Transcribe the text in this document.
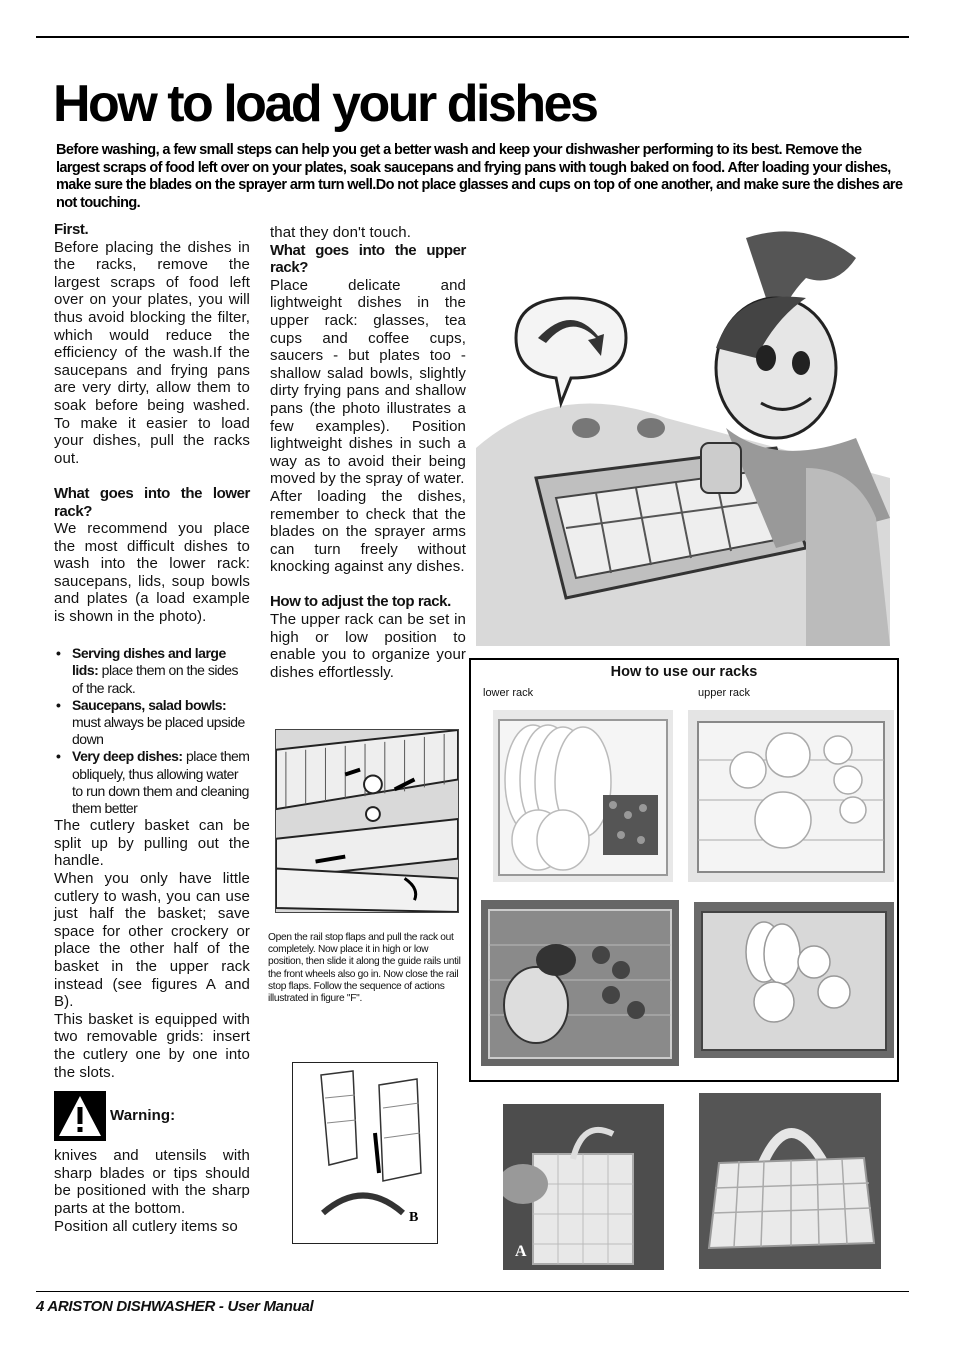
How to load your dishes
Before washing, a few small steps can help you get a better wash and keep your dishwasher performing to its best. Remove the largest scraps of food left over on your plates, soak saucepans and frying pans with tough baked on food. After loading your dishes, make sure the blades on the sprayer arm turn well.Do not place glasses and cups on top of one another, and make sure the dishes are not touching.

First.

Before placing the dishes in the racks, remove the largest scraps of food left over on your plates, you will thus avoid blocking the filter, which would reduce the efficiency of the wash.If the saucepans and frying pans are very dirty, allow them to soak before being washed. To make it easier to load your dishes, pull the racks out.

What goes into the lower rack?

We recommend you place the most difficult dishes to wash into the lower rack: saucepans, lids, soup bowls and plates (a load example is shown in the photo).

• Serving dishes and large lids: place them on the sides of the rack.
• Saucepans, salad bowls: must always be placed upside down
• Very deep dishes: place them obliquely, thus allowing water to run down them and cleaning them better

The cutlery basket can be split up by pulling out the handle.

When you only have little cutlery to wash, you can use just half the basket; save space for other crockery or place the other half of the basket in the upper rack instead (see figures A and B).

This basket is equipped with two removable grids: insert the cutlery one by one into the slots.

Warning:

knives and utensils with sharp blades or tips should be positioned with the sharp parts at the bottom.

Position all cutlery items so

that they don't touch.

What goes into the upper rack?

Place delicate and lightweight dishes in the upper rack: glasses, tea cups and coffee cups, saucers - but plates too - shallow salad bowls, slightly dirty frying pans and shallow pans (the photo illustrates a few examples). Position lightweight dishes in such a way as to avoid their being moved by the spray of water.

After loading the dishes, remember to check that the blades on the sprayer arms can turn freely without knocking against any dishes.

How to adjust the top rack.

The upper rack can be set in high or low position to enable you to organize your dishes effortlessly.	How to use our racks
lower rack	upper rack
Open the rail stop flaps and pull the rack out completely. Now place it in high or low position, then slide it along the guide rails until the front wheels also go in. Now close the rail stop flaps. Follow the sequence of actions illustrated in figure "F".
B
A
4 ARISTON DISHWASHER - User Manual
